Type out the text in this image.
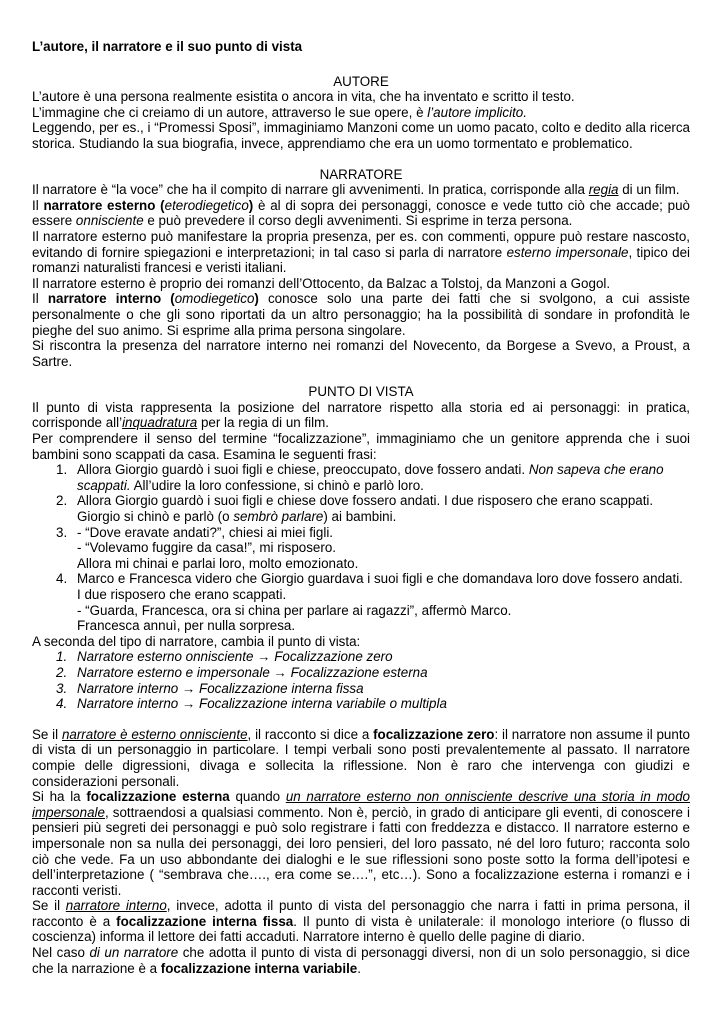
L’autore, il narratore e il suo punto di vista

AUTORE

L’autore è una persona realmente esistita o ancora in vita, che ha inventato e scritto il testo.

L’immagine che ci creiamo di un autore, attraverso le sue opere, è l’autore implicito.

Leggendo, per es., i “Promessi Sposi”, immaginiamo Manzoni come un uomo pacato, colto e dedito alla ricerca storica. Studiando la sua biografia, invece, apprendiamo che era un uomo tormentato e problematico.

NARRATORE

Il narratore è “la voce” che ha il compito di narrare gli avvenimenti. In pratica, corrisponde alla regia di un film.

Il narratore esterno (eterodiegetico) è al di sopra dei personaggi, conosce e vede tutto ciò che accade; può essere onnisciente e può prevedere il corso degli avvenimenti. Si esprime in terza persona.

Il narratore esterno può manifestare la propria presenza, per es. con commenti, oppure può restare nascosto, evitando di fornire spiegazioni e interpretazioni; in tal caso si parla di narratore esterno impersonale, tipico dei romanzi naturalisti francesi e veristi italiani.

Il narratore esterno è proprio dei romanzi dell’Ottocento, da Balzac a Tolstoj, da Manzoni a Gogol.

Il narratore interno (omodiegetico) conosce solo una parte dei fatti che si svolgono, a cui assiste personalmente o che gli sono riportati da un altro personaggio; ha la possibilità di sondare in profondità le pieghe del suo animo. Si esprime alla prima persona singolare.

Si riscontra la presenza del narratore interno nei romanzi del Novecento, da Borgese a Svevo, a Proust, a Sartre.

PUNTO DI VISTA

Il punto di vista rappresenta la posizione del narratore rispetto alla storia ed ai personaggi: in pratica, corrisponde all’inquadratura per la regia di un film.

Per comprendere il senso del termine “focalizzazione”, immaginiamo che un genitore apprenda che i suoi bambini sono scappati da casa. Esamina le seguenti frasi:

1. Allora Giorgio guardò i suoi figli e chiese, preoccupato, dove fossero andati. Non sapeva che erano scappati. All’udire la loro confessione, si chinò e parlò loro.
2. Allora Giorgio guardò i suoi figli e chiese dove fossero andati. I due risposero che erano scappati. Giorgio si chinò e parlò (o sembrò parlare) ai bambini.
3. - “Dove eravate andati?”, chiesi ai miei figli.
- “Volevamo fuggire da casa!”, mi risposero.
Allora mi chinai e parlai loro, molto emozionato.
4. Marco e Francesca videro che Giorgio guardava i suoi figli e che domandava loro dove fossero andati. I due risposero che erano scappati.
- “Guarda, Francesca, ora si china per parlare ai ragazzi”, affermò Marco.
Francesca annuì, per nulla sorpresa.

A seconda del tipo di narratore, cambia il punto di vista:

1. Narratore esterno onnisciente → Focalizzazione zero
2. Narratore esterno e impersonale → Focalizzazione esterna
3. Narratore interno → Focalizzazione interna fissa
4. Narratore interno → Focalizzazione interna variabile o multipla

Se il narratore è esterno onnisciente, il racconto si dice a focalizzazione zero: il narratore non assume il punto di vista di un personaggio in particolare. I tempi verbali sono posti prevalentemente al passato. Il narratore compie delle digressioni, divaga e sollecita la riflessione. Non è raro che intervenga con giudizi e considerazioni personali.

Si ha la focalizzazione esterna quando un narratore esterno non onnisciente descrive una storia in modo impersonale, sottraendosi a qualsiasi commento. Non è, perciò, in grado di anticipare gli eventi, di conoscere i pensieri più segreti dei personaggi e può solo registrare i fatti con freddezza e distacco. Il narratore esterno e impersonale non sa nulla dei personaggi, dei loro pensieri, del loro passato, né del loro futuro; racconta solo ciò che vede. Fa un uso abbondante dei dialoghi e le sue riflessioni sono poste sotto la forma dell’ipotesi e dell’interpretazione ( “sembrava che…., era come se….”, etc…). Sono a focalizzazione esterna i romanzi e i racconti veristi.

Se il narratore interno, invece, adotta il punto di vista del personaggio che narra i fatti in prima persona, il racconto è a focalizzazione interna fissa. Il punto di vista è unilaterale: il monologo interiore (o flusso di coscienza) informa il lettore dei fatti accaduti. Narratore interno è quello delle pagine di diario.

Nel caso di un narratore che adotta il punto di vista di personaggi diversi, non di un solo personaggio, si dice che la narrazione è a focalizzazione interna variabile.
